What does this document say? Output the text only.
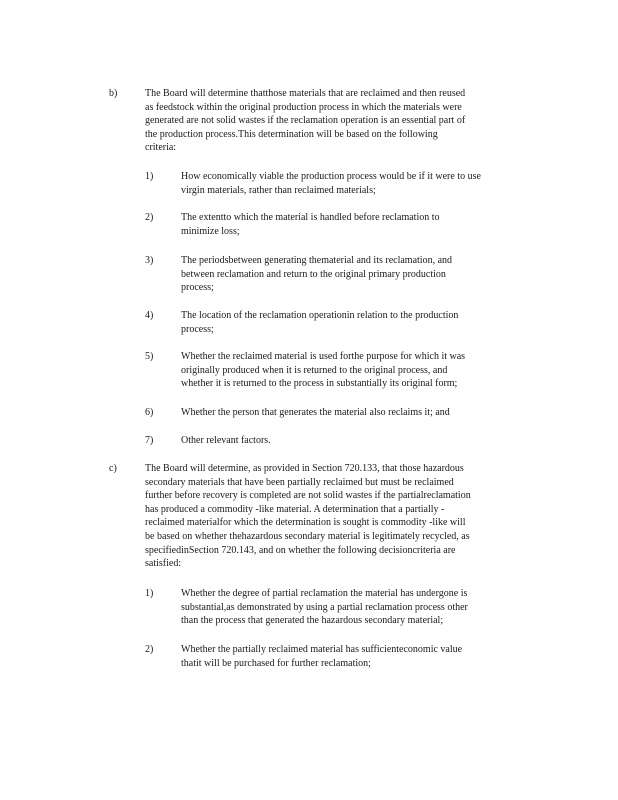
b)	The Board will determine thatthose materials that are reclaimed and then reused
as feedstock within the original production process in which the materials were
generated are not solid wastes if the reclamation operation is an essential part of
the production process.This determination will be based on the following
criteria:
1)	How economically viable the production process would be if it were to use
virgin materials, rather than reclaimed materials;
2)	The extentto which the material is handled before reclamation to
minimize loss;
3)	The periodsbetween generating thematerial and its reclamation, and
between reclamation and return to the original primary production
process;
4)	The location of the reclamation operationin relation to the production
process;
5)	Whether the reclaimed material is used forthe purpose for which it was
originally produced when it is returned to the original process, and
whether it is returned to the process in substantially its original form;
6)	Whether the person that generates the material also reclaims it; and
7)	Other relevant factors.
c)	The Board will determine, as provided in Section 720.133, that those hazardous
secondary materials that have been partially reclaimed but must be reclaimed
further before recovery is completed are not solid wastes if the partialreclamation
has produced a commodity -like material. A determination that a partially -
reclaimed materialfor which the determination is sought is commodity -like will
be based on whether thehazardous secondary material is legitimately recycled, as
specifiedinSection 720.143, and on whether the following decisioncriteria are
satisfied:
1)	Whether the degree of partial reclamation the material has undergone is
substantial,as demonstrated by using a partial reclamation process other
than the process that generated the hazardous secondary material;
2)	Whether the partially reclaimed material has sufficienteconomic value
thatit will be purchased for further reclamation;
